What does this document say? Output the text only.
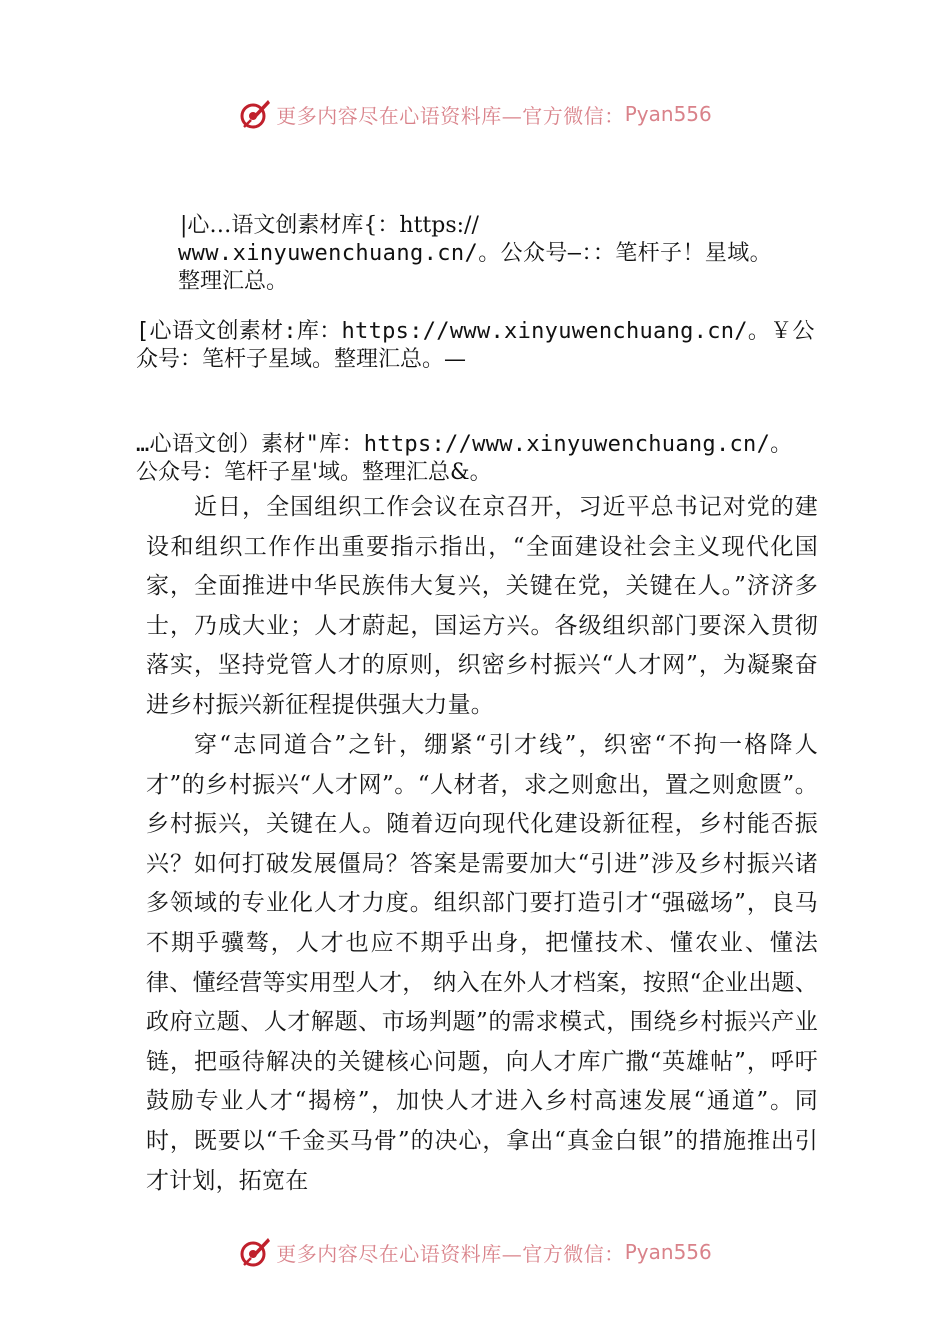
更多内容尽在心语资料库—官方微信： Pyan556
|心…语文创素材库{：https://
www.xinyuwenchuang.cn/。公众号—：：笔杆子！星域。
整理汇总。
[心语文创素材:库：https://www.xinyuwenchuang.cn/。￥公
众号：笔杆子星域。整理汇总。—
…心语文创）素材"库：https://www.xinyuwenchuang.cn/。
公众号：笔杆子星'域。整理汇总&。

近日，全国组织工作会议在京召开，习近平总书记对党的建设和组织工作作出重要指示指出，“全面建设社会主义现代化国家，全面推进中华民族伟大复兴，关键在党，关键在人。”济济多士，乃成大业；人才蔚起，国运方兴。各级组织部门要深入贯彻落实，坚持党管人才的原则，织密乡村振兴“人才网”，为凝聚奋进乡村振兴新征程提供强大力量。

穿“志同道合”之针，绷紧“引才线”，织密“不拘一格降人才”的乡村振兴“人才网”。“人材者，求之则愈出，置之则愈匮”。乡村振兴，关键在人。随着迈向现代化建设新征程，乡村能否振兴？如何打破发展僵局？答案是需要加大“引进”涉及乡村振兴诸多领域的专业化人才力度。组织部门要打造引才“强磁场”，良马不期乎骥骜，人才也应不期乎出身，把懂技术、懂农业、懂法律、懂经营等实用型人才， 纳入在外人才档案，按照“企业出题、政府立题、人才解题、市场判题”的需求模式，围绕乡村振兴产业链，把亟待解决的关键核心问题，向人才库广撒“英雄帖”，呼吁鼓励专业人才“揭榜”，加快人才进入乡村高速发展“通道”。同时，既要以“千金买马骨”的决心，拿出“真金白银”的措施推出引才计划，拓宽在

更多内容尽在心语资料库—官方微信： Pyan556
